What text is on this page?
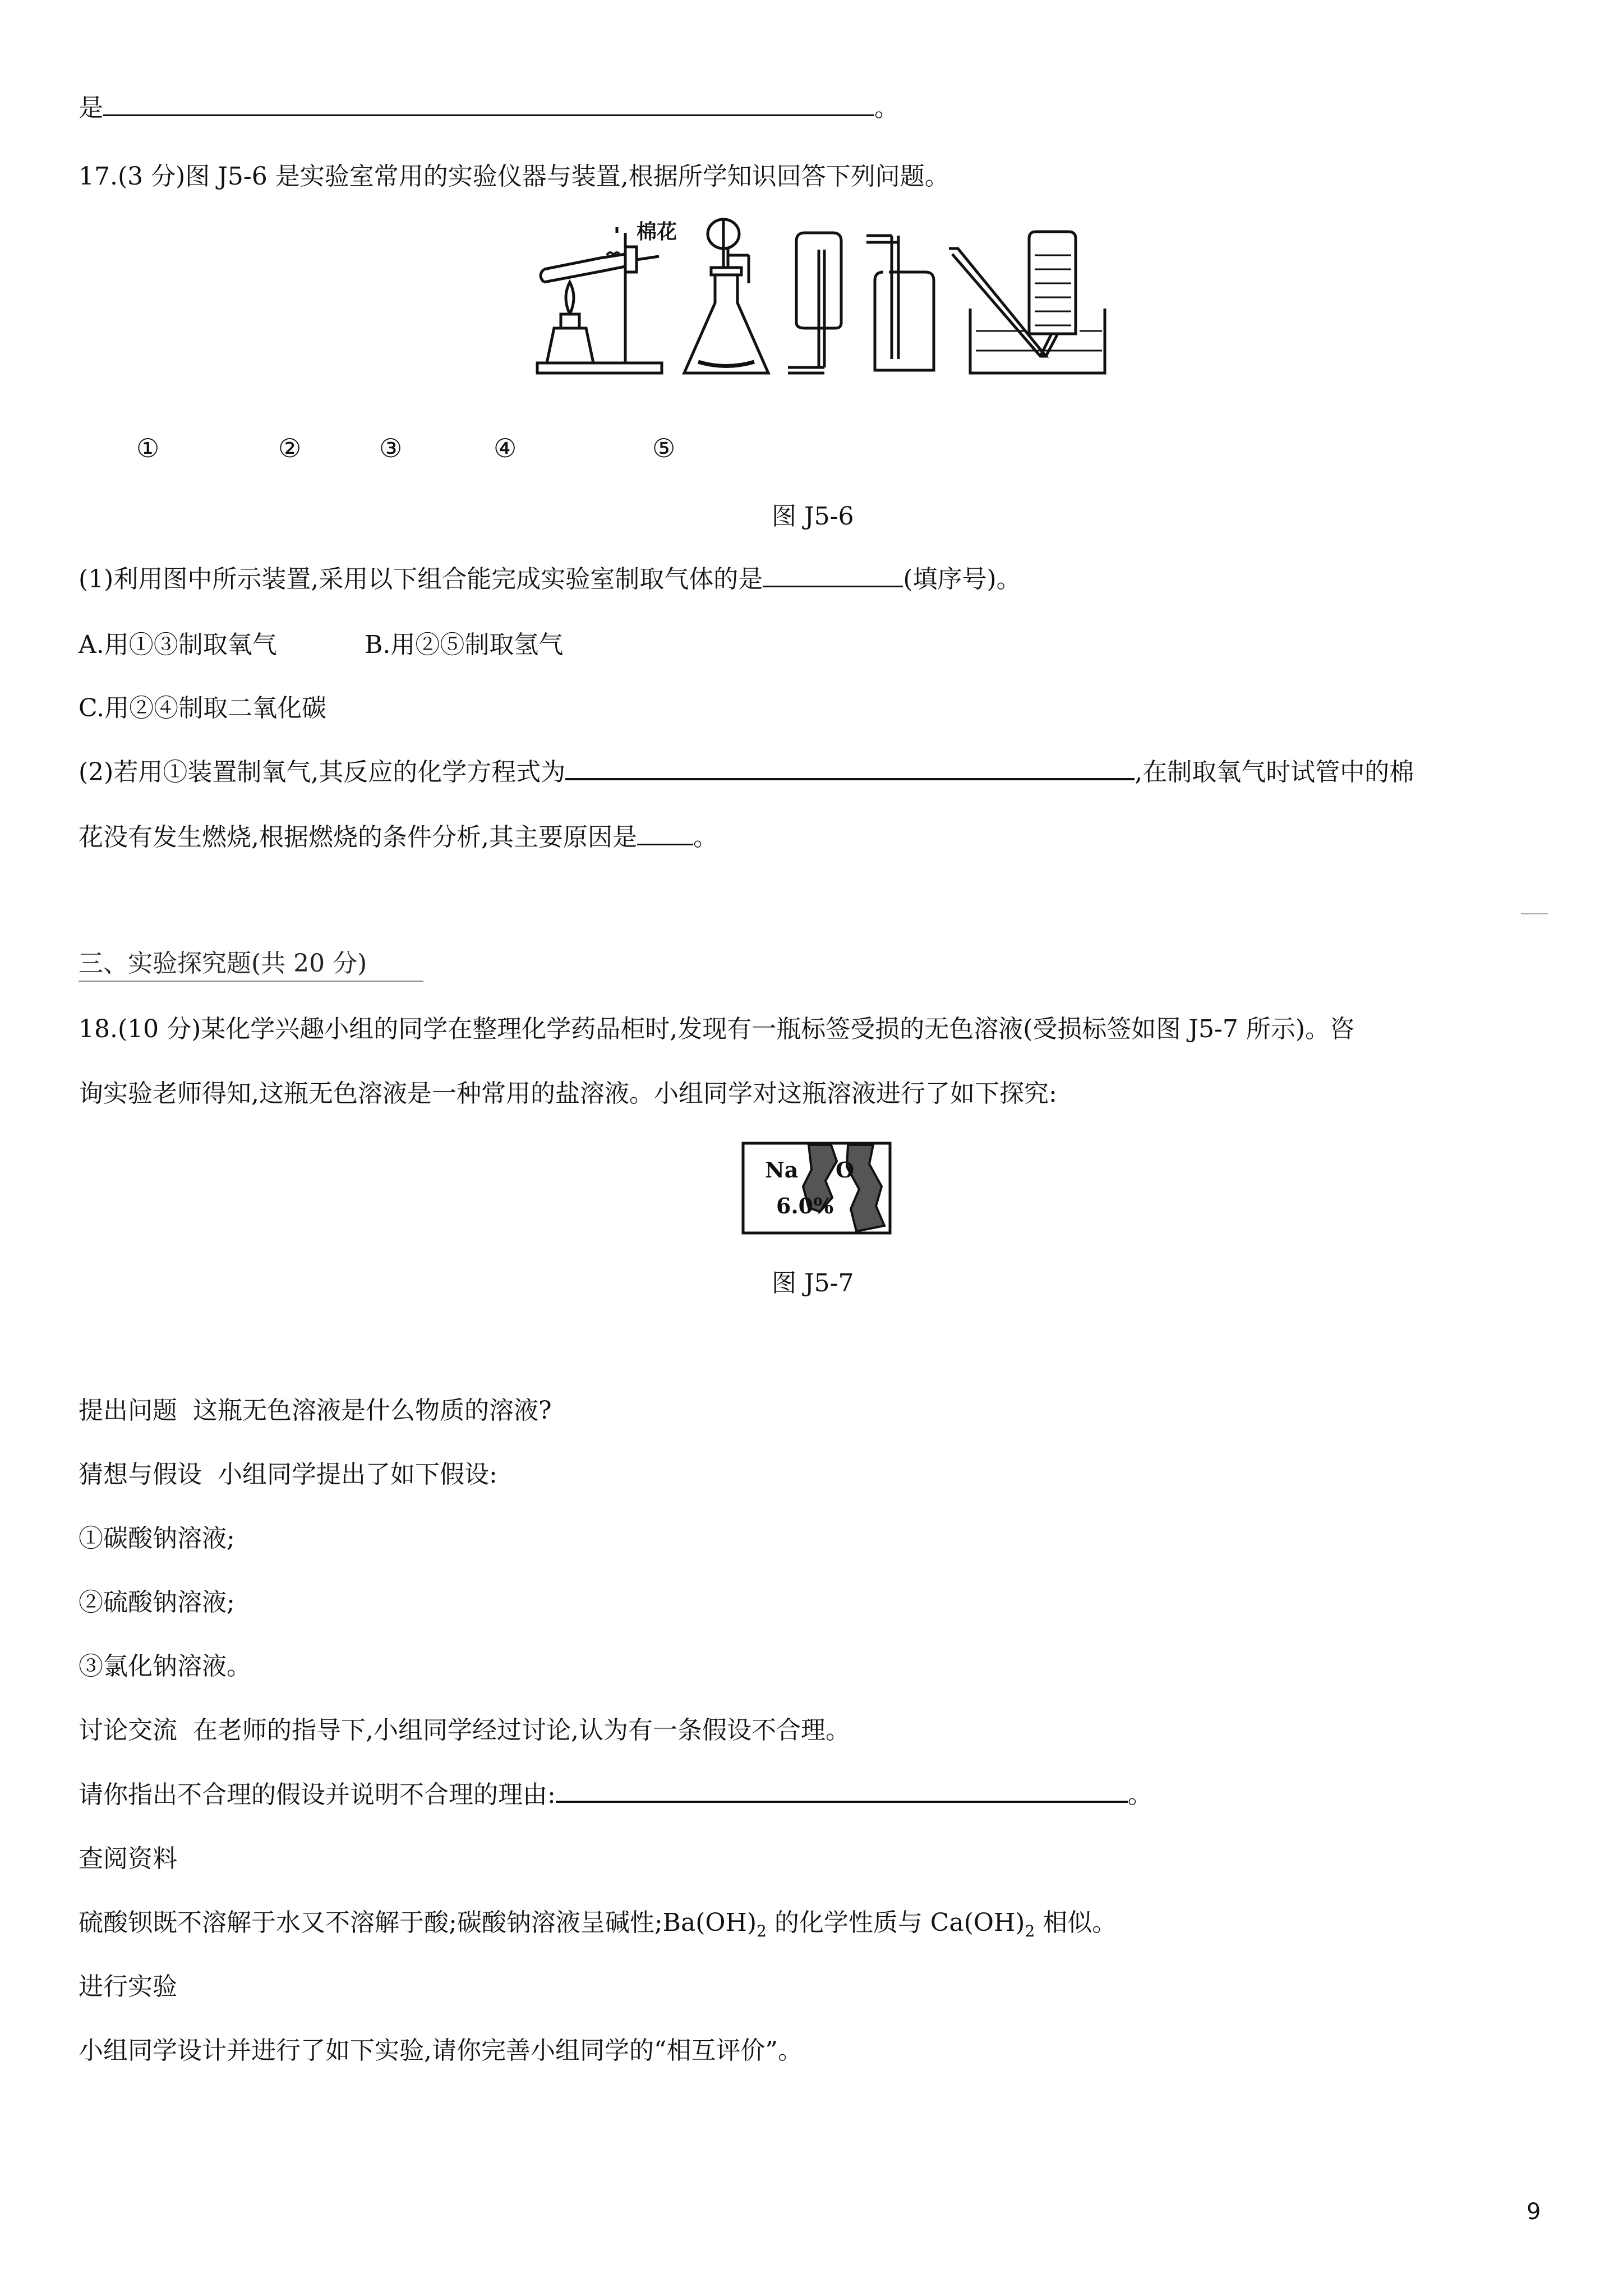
是	。
17.(3 分)图 J5-6 是实验室常用的实验仪器与装置,根据所学知识回答下列问题。
棉花
①	②	③	④	⑤
图 J5-6
(1)利用图中所示装置,采用以下组合能完成实验室制取气体的是	(填序号)。
A.用①③制取氧气	B.用②⑤制取氢气
C.用②④制取二氧化碳
(2)若用①装置制氧气,其反应的化学方程式为	,在制取氧气时试管中的棉
花没有发生燃烧,根据燃烧的条件分析,其主要原因是 。
三、实验探究题(共 20 分)
18.(10 分)某化学兴趣小组的同学在整理化学药品柜时,发现有一瓶标签受损的无色溶液(受损标签如图 J5-7 所示)。咨
询实验老师得知,这瓶无色溶液是一种常用的盐溶液。小组同学对这瓶溶液进行了如下探究:
Na O
6.0%
图 J5-7
提出问题 这瓶无色溶液是什么物质的溶液?
猜想与假设 小组同学提出了如下假设:
①碳酸钠溶液;
②硫酸钠溶液;
③氯化钠溶液。
讨论交流 在老师的指导下,小组同学经过讨论,认为有一条假设不合理。
请你指出不合理的假设并说明不合理的理由:	。
查阅资料
硫酸钡既不溶解于水又不溶解于酸;碳酸钠溶液呈碱性$;Ba(OH)_2$ 的化学性质与 $Ca(OH)_2$ 相似。
进行实验
小组同学设计并进行了如下实验,请你完善小组同学的“相互评价”。
9
